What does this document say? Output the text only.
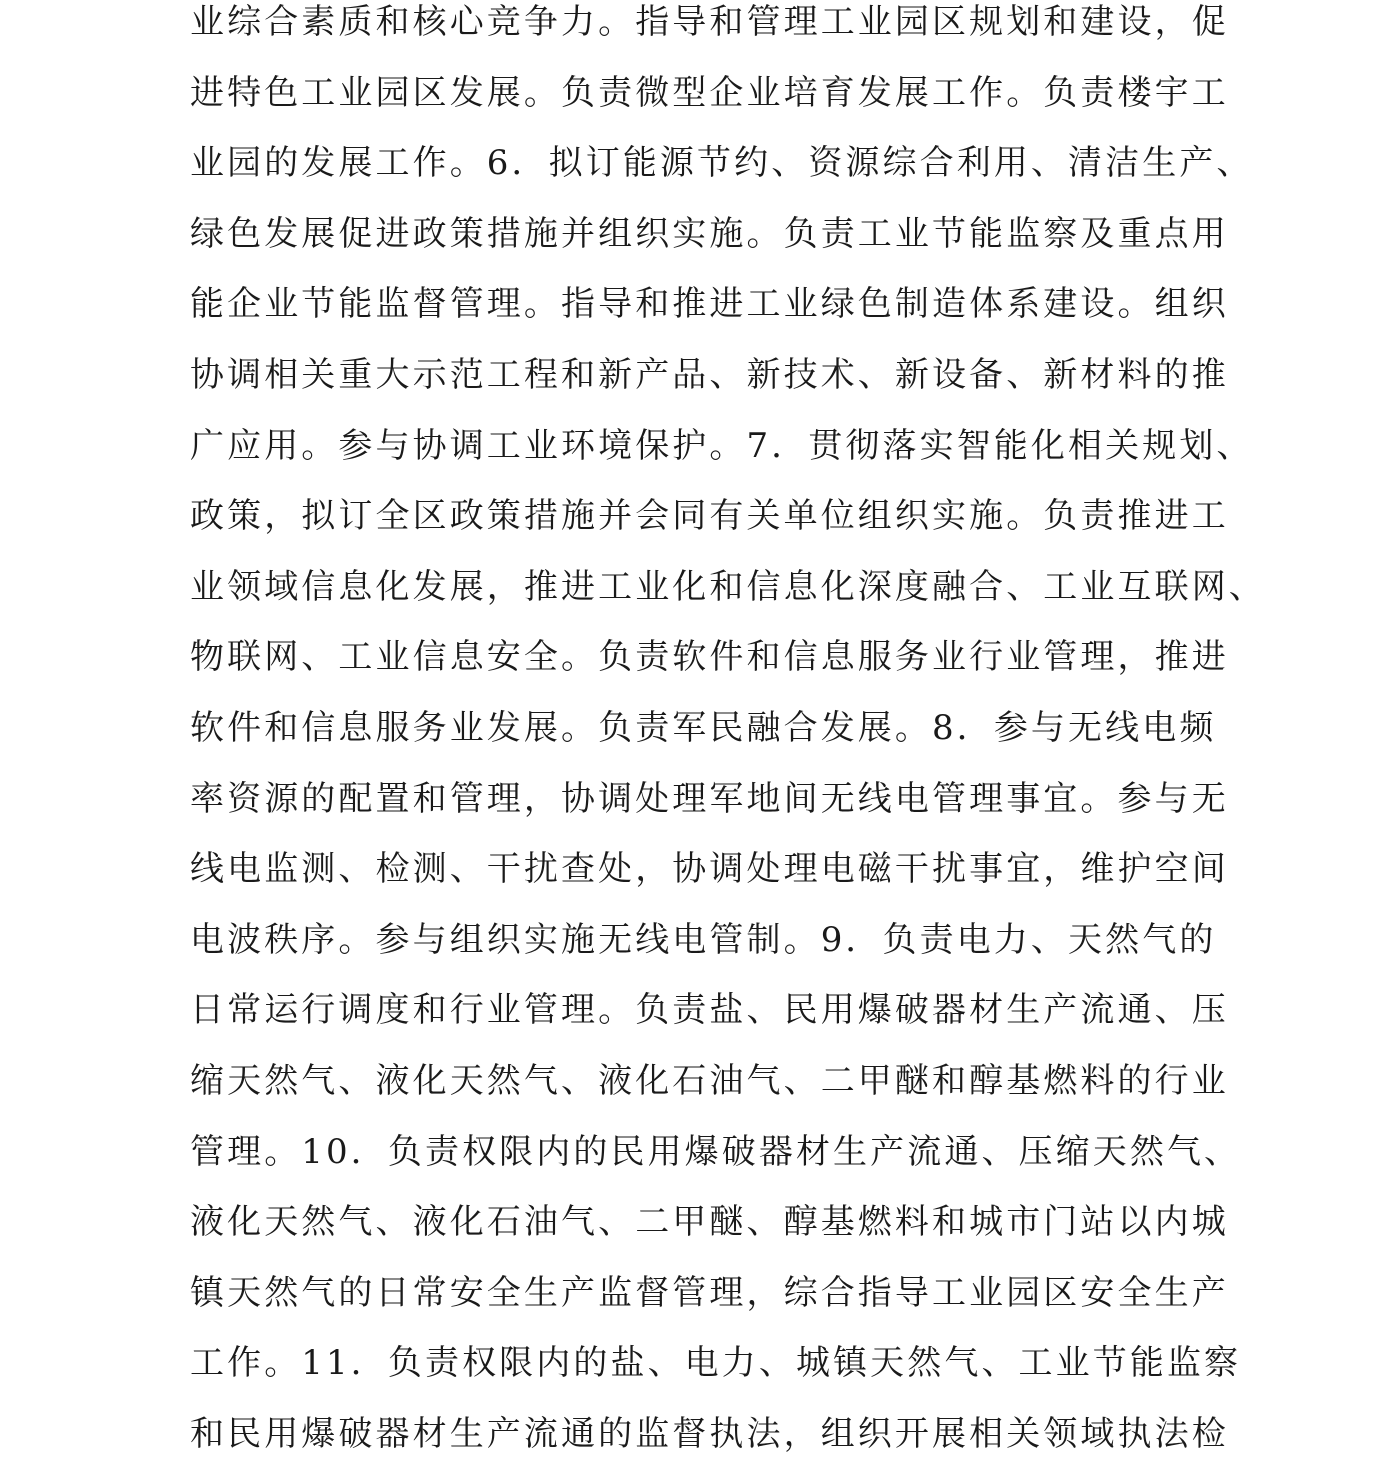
业综合素质和核心竞争力。指导和管理工业园区规划和建设，促
进特色工业园区发展。负责微型企业培育发展工作。负责楼宇工
业园的发展工作。6．拟订能源节约、资源综合利用、清洁生产、
绿色发展促进政策措施并组织实施。负责工业节能监察及重点用
能企业节能监督管理。指导和推进工业绿色制造体系建设。组织
协调相关重大示范工程和新产品、新技术、新设备、新材料的推
广应用。参与协调工业环境保护。7．贯彻落实智能化相关规划、
政策，拟订全区政策措施并会同有关单位组织实施。负责推进工
业领域信息化发展，推进工业化和信息化深度融合、工业互联网、
物联网、工业信息安全。负责软件和信息服务业行业管理，推进
软件和信息服务业发展。负责军民融合发展。8．参与无线电频
率资源的配置和管理，协调处理军地间无线电管理事宜。参与无
线电监测、检测、干扰查处，协调处理电磁干扰事宜，维护空间
电波秩序。参与组织实施无线电管制。9．负责电力、天然气的
日常运行调度和行业管理。负责盐、民用爆破器材生产流通、压
缩天然气、液化天然气、液化石油气、二甲醚和醇基燃料的行业
管理。10．负责权限内的民用爆破器材生产流通、压缩天然气、
液化天然气、液化石油气、二甲醚、醇基燃料和城市门站以内城
镇天然气的日常安全生产监督管理，综合指导工业园区安全生产
工作。11．负责权限内的盐、电力、城镇天然气、工业节能监察
和民用爆破器材生产流通的监督执法，组织开展相关领域执法检
